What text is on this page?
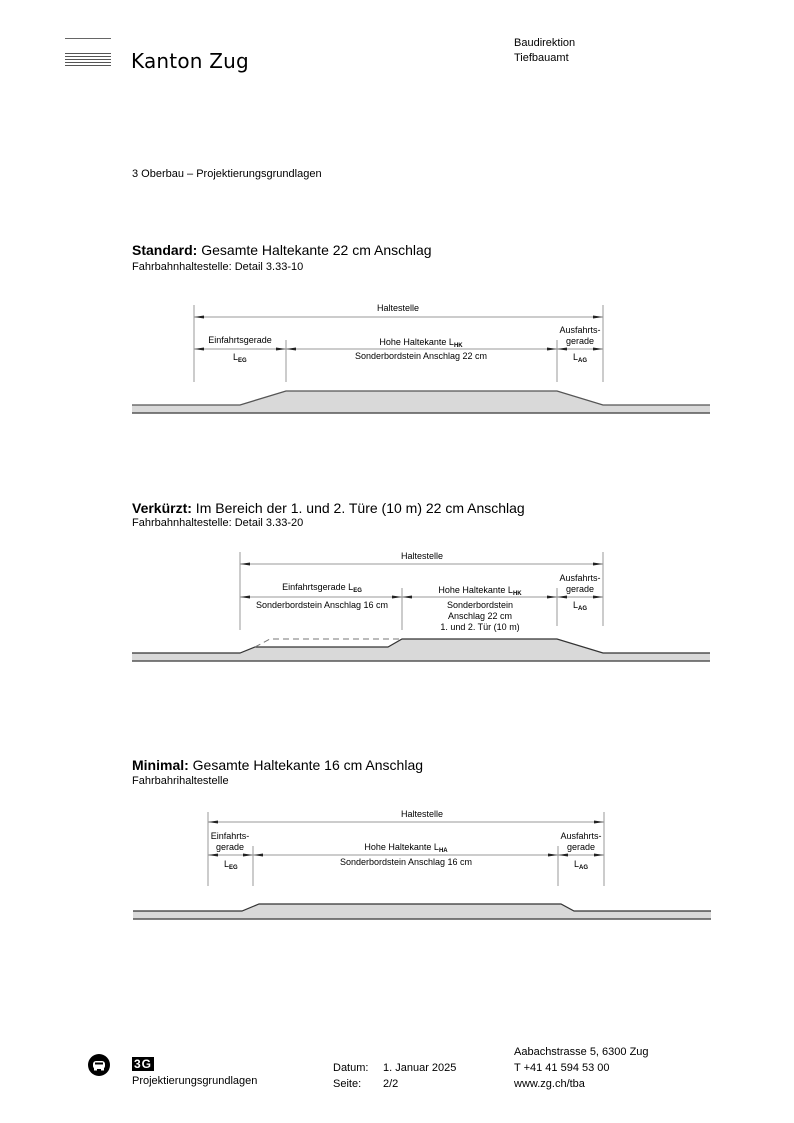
Kanton Zug
Baudirektion
Tiefbauamt
3 Oberbau – Projektierungsgrundlagen
Standard: Gesamte Haltekante 22 cm Anschlag
Fahrbahnhaltestelle: Detail 3.33-10
Haltestelle
Einfahrtsgerade
$L_{EG}$
Hohe Haltekante $L_{HK}$
Sonderbordstein Anschlag 22 cm
Ausfahrts-
gerade
$L_{AG}$
Verkürzt: Im Bereich der 1. und 2. Türe (10 m) 22 cm Anschlag
Fahrbahnhaltestelle: Detail 3.33-20
Haltestelle
Einfahrtsgerade $L_{EG}$
Sonderbordstein Anschlag 16 cm
Hohe Haltekante $L_{HK}$
Sonderbordstein
Anschlag 22 cm
1. und 2. Tür (10 m)
Ausfahrts-
gerade
$L_{AG}$
Minimal: Gesamte Haltekante 16 cm Anschlag
Fahrbahrihaltestelle
Haltestelle
Einfahrts-
gerade
$L_{EG}$
Hohe Haltekante $L_{HA}$
Sonderbordstein Anschlag 16 cm
Ausfahrts-
gerade
$L_{AG}$
3G
Projektierungsgrundlagen
Datum: 1. Januar 2025
Seite: 2/2
Aabachstrasse 5, 6300 Zug
T +41 41 594 53 00
www.zg.ch/tba
